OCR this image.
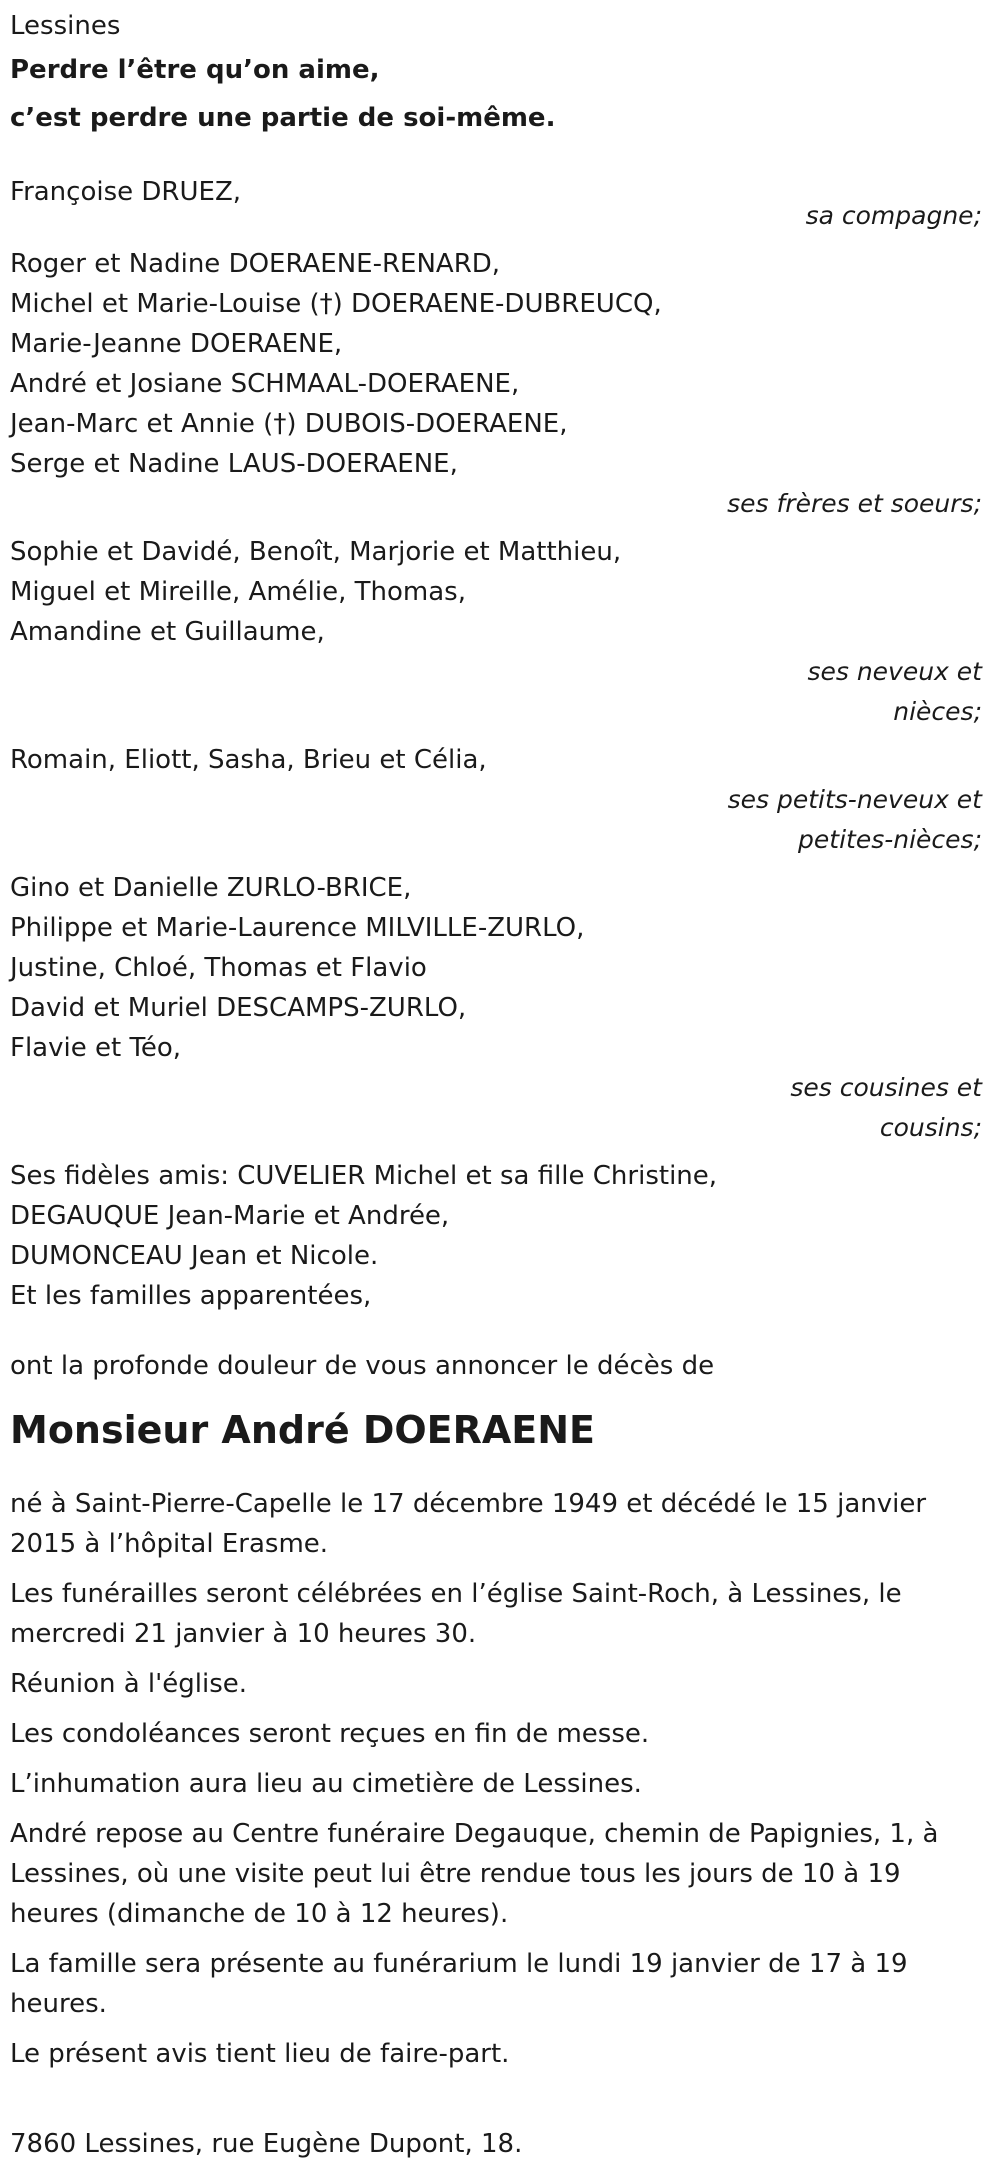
Lessines
Perdre l’être qu’on aime,
c’est perdre une partie de soi-même.
Françoise DRUEZ,
sa compagne;
Roger et Nadine DOERAENE-RENARD,
Michel et Marie-Louise (†) DOERAENE-DUBREUCQ,
Marie-Jeanne DOERAENE,
André et Josiane SCHMAAL-DOERAENE,
Jean-Marc et Annie (†) DUBOIS-DOERAENE,
Serge et Nadine LAUS-DOERAENE,
ses frères et soeurs;
Sophie et Davidé, Benoît, Marjorie et Matthieu,
Miguel et Mireille, Amélie, Thomas,
Amandine et Guillaume,
ses neveux et nièces;
Romain, Eliott, Sasha, Brieu et Célia,
ses petits-neveux et petites-nièces;
Gino et Danielle ZURLO-BRICE,
Philippe et Marie-Laurence MILVILLE-ZURLO,
Justine, Chloé, Thomas et Flavio
David et Muriel DESCAMPS-ZURLO,
Flavie et Téo,
ses cousines et cousins;
Ses fidèles amis: CUVELIER Michel et sa fille Christine,
DEGAUQUE Jean-Marie et Andrée,
DUMONCEAU Jean et Nicole.
Et les familles apparentées,
ont la profonde douleur de vous annoncer le décès de
Monsieur André DOERAENE
né à Saint-Pierre-Capelle le 17 décembre 1949 et décédé le 15 janvier 2015 à l’hôpital Erasme.
Les funérailles seront célébrées en l’église Saint-Roch, à Lessines, le mercredi 21 janvier à 10 heures 30.
Réunion à l'église.
Les condoléances seront reçues en fin de messe.
L’inhumation aura lieu au cimetière de Lessines.
André repose au Centre funéraire Degauque, chemin de Papignies, 1, à Lessines, où une visite peut lui être rendue tous les jours de 10 à 19 heures (dimanche de 10 à 12 heures).
La famille sera présente au funérarium le lundi 19 janvier de 17 à 19 heures.
Le présent avis tient lieu de faire-part.
7860 Lessines, rue Eugène Dupont, 18.
